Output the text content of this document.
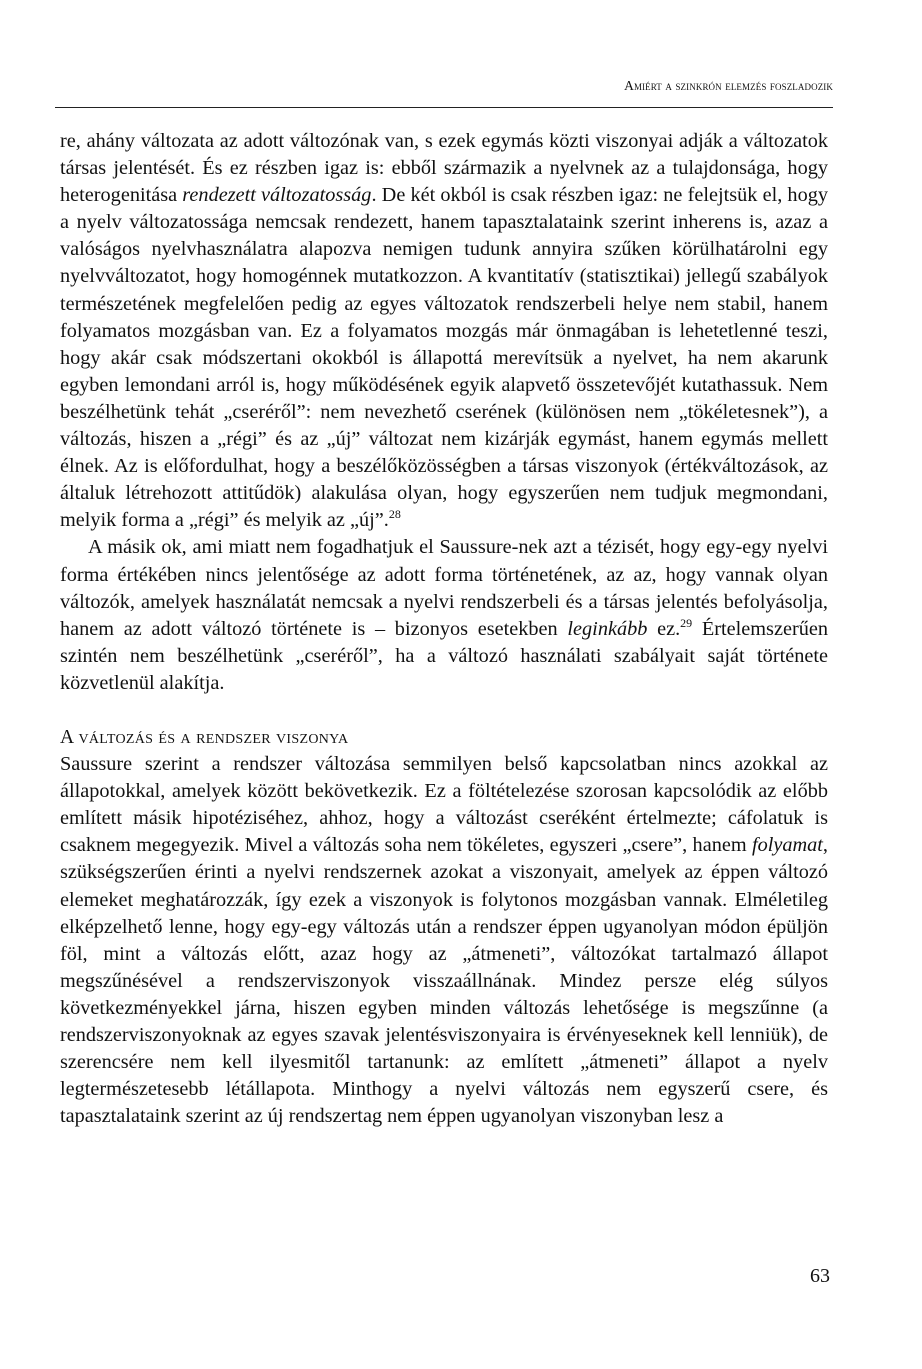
Amiért a szinkrón elemzés foszladozik

re, ahány változata az adott változónak van, s ezek egymás közti viszonyai adják a változatok társas jelentését. És ez részben igaz is: ebből származik a nyelvnek az a tulajdonsága, hogy heterogenitása rendezett változatosság. De két okból is csak részben igaz: ne felejtsük el, hogy a nyelv változatossága nemcsak rendezett, hanem tapasztalataink szerint inherens is, azaz a valóságos nyelvhasználatra alapozva nemigen tudunk annyira szűken körülhatárolni egy nyelvváltozatot, hogy homogénnek mutatkozzon. A kvantitatív (statisztikai) jellegű szabályok természetének megfelelően pedig az egyes változatok rendszerbeli helye nem stabil, hanem folyamatos mozgásban van. Ez a folyamatos mozgás már önmagában is lehetetlenné teszi, hogy akár csak módszertani okokból is állapottá merevítsük a nyelvet, ha nem akarunk egyben lemondani arról is, hogy működésének egyik alapvető összetevőjét kutathassuk. Nem beszélhetünk tehát „cseréről”: nem nevezhető cserének (különösen nem „tökéletesnek”), a változás, hiszen a „régi” és az „új” változat nem kizárják egymást, hanem egymás mellett élnek. Az is előfordulhat, hogy a beszélőközösségben a társas viszonyok (értékváltozások, az általuk létrehozott attitűdök) alakulása olyan, hogy egyszerűen nem tudjuk megmondani, melyik forma a „régi” és melyik az „új”.$^{28}$

A másik ok, ami miatt nem fogadhatjuk el Saussure-nek azt a tézisét, hogy egy-egy nyelvi forma értékében nincs jelentősége az adott forma történetének, az az, hogy vannak olyan változók, amelyek használatát nemcsak a nyelvi rendszerbeli és a társas jelentés befolyásolja, hanem az adott változó története is – bizonyos esetekben leginkább ez.$^{29}$ Értelemszerűen szintén nem beszélhetünk „cseréről”, ha a változó használati szabályait saját története közvetlenül alakítja.

A változás és a rendszer viszonya

Saussure szerint a rendszer változása semmilyen belső kapcsolatban nincs azokkal az állapotokkal, amelyek között bekövetkezik. Ez a föltételezése szorosan kapcsolódik az előbb említett másik hipotéziséhez, ahhoz, hogy a változást cseréként értelmezte; cáfolatuk is csaknem megegyezik. Mivel a változás soha nem tökéletes, egyszeri „csere”, hanem folyamat, szükségszerűen érinti a nyelvi rendszernek azokat a viszonyait, amelyek az éppen változó elemeket meghatározzák, így ezek a viszonyok is folytonos mozgásban vannak. Elméletileg elképzelhető lenne, hogy egy-egy változás után a rendszer éppen ugyanolyan módon épüljön föl, mint a változás előtt, azaz hogy az „átmeneti”, változókat tartalmazó állapot megszűnésével a rendszerviszonyok visszaállnának. Mindez persze elég súlyos következményekkel járna, hiszen egyben minden változás lehetősége is megszűnne (a rendszerviszonyoknak az egyes szavak jelentésviszonyaira is érvényeseknek kell lenniük), de szerencsére nem kell ilyesmitől tartanunk: az említett „átmeneti” állapot a nyelv legtermészetesebb létállapota. Minthogy a nyelvi változás nem egyszerű csere, és tapasztalataink szerint az új rendszertag nem éppen ugyanolyan viszonyban lesz a

63
